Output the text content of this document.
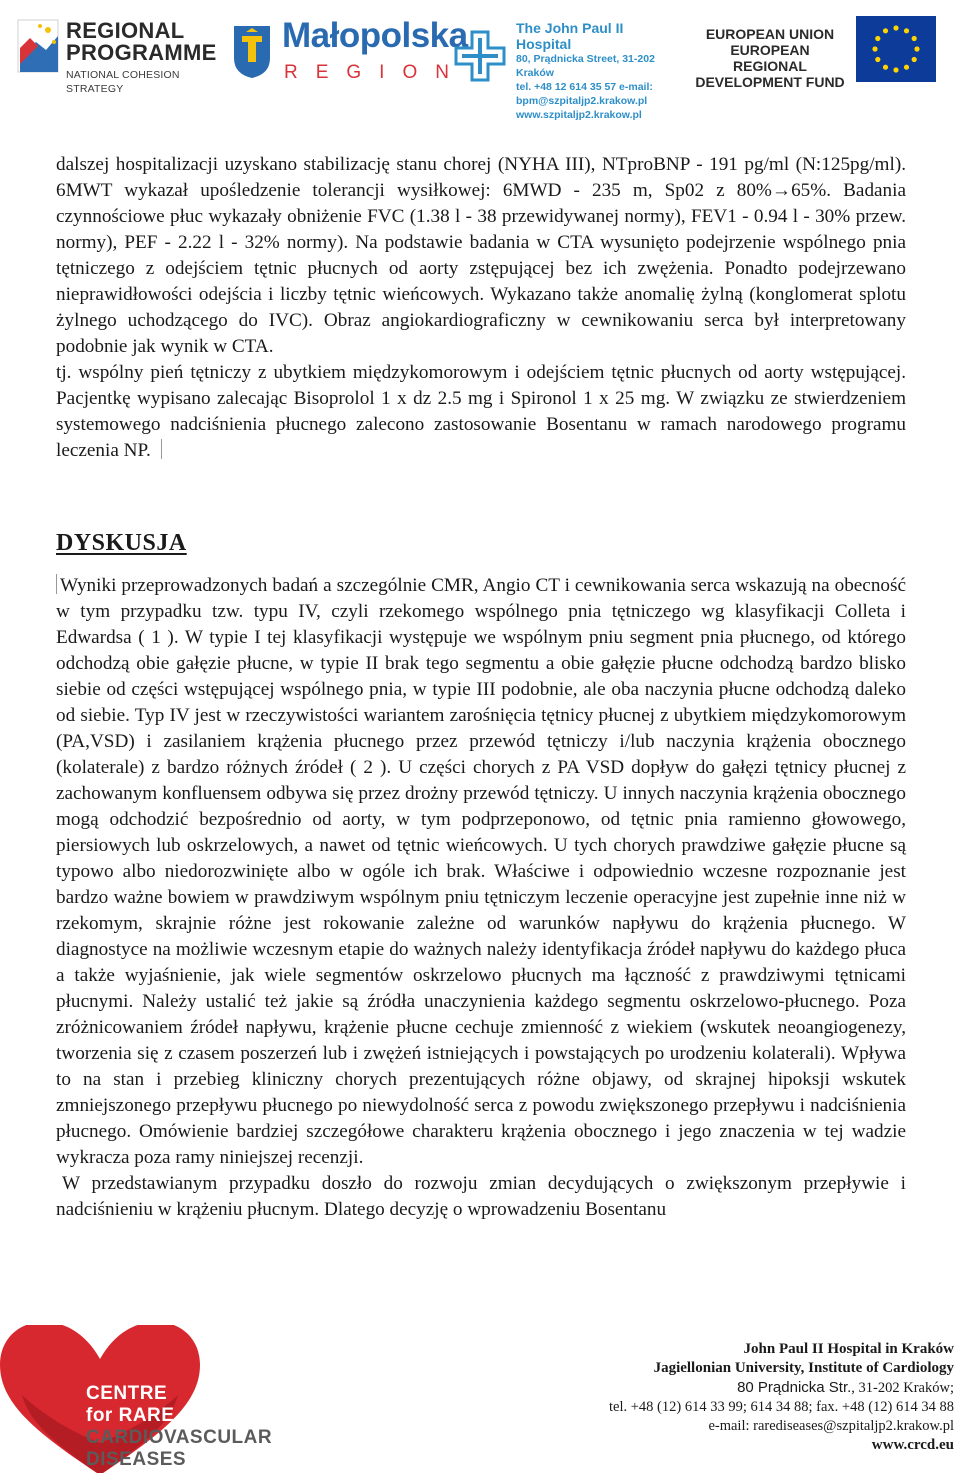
REGIONAL
PROGRAMME
NATIONAL COHESION STRATEGY
Małopolska
REGION
The John Paul II Hospital
80, Prądnicka Street, 31-202 Kraków
tel. +48 12 614 35 57 e-mail:
bpm@szpitaljp2.krakow.pl
www.szpitaljp2.krakow.pl
EUROPEAN UNION
EUROPEAN REGIONAL
DEVELOPMENT FUND

dalszej hospitalizacji uzyskano stabilizację stanu chorej (NYHA III), NTproBNP - 191 pg/ml (N:125pg/ml). 6MWT wykazał upośledzenie tolerancji wysiłkowej: 6MWD - 235 m, Sp02 z 80%→65%. Badania czynnościowe płuc wykazały obniżenie FVC (1.38 l - 38 przewidywanej normy), FEV1 - 0.94 l - 30% przew. normy), PEF - 2.22 l - 32% normy). Na podstawie badania w CTA wysunięto podejrzenie wspólnego pnia tętniczego z odejściem tętnic płucnych od aorty zstępującej bez ich zwężenia. Ponadto podejrzewano nieprawidłowości odejścia i liczby tętnic wieńcowych. Wykazano także anomalię żylną (konglomerat splotu żylnego uchodzącego do IVC). Obraz angiokardiograficzny w cewnikowaniu serca był interpretowany podobnie jak wynik w CTA.

tj. wspólny pień tętniczy z ubytkiem międzykomorowym i odejściem tętnic płucnych od aorty wstępującej. Pacjentkę wypisano zalecając Bisoprolol 1 x dz 2.5 mg i Spironol 1 x 25 mg. W związku ze stwierdzeniem systemowego nadciśnienia płucnego zalecono zastosowanie Bosentanu w ramach narodowego programu leczenia NP.

DYSKUSJA

Wyniki przeprowadzonych badań a szczególnie CMR, Angio CT i cewnikowania serca wskazują na obecność w tym przypadku tzw. typu IV, czyli rzekomego wspólnego pnia tętniczego wg klasyfikacji Colleta i Edwardsa ( 1 ). W typie I tej klasyfikacji występuje we wspólnym pniu segment pnia płucnego, od którego odchodzą obie gałęzie płucne, w typie II brak tego segmentu a obie gałęzie płucne odchodzą bardzo blisko siebie od części wstępującej wspólnego pnia, w typie III podobnie, ale oba naczynia płucne odchodzą daleko od siebie. Typ IV jest w rzeczywistości wariantem zarośnięcia tętnicy płucnej z ubytkiem międzykomorowym (PA,VSD) i zasilaniem krążenia płucnego przez przewód tętniczy i/lub naczynia krążenia obocznego (kolaterale) z bardzo różnych źródeł ( 2 ). U części chorych z PA VSD dopływ do gałęzi tętnicy płucnej z zachowanym konfluensem odbywa się przez drożny przewód tętniczy. U innych naczynia krążenia obocznego mogą odchodzić bezpośrednio od aorty, w tym podprzeponowo, od tętnic pnia ramienno głowowego, piersiowych lub oskrzelowych, a nawet od tętnic wieńcowych. U tych chorych prawdziwe gałęzie płucne są typowo albo niedorozwinięte albo w ogóle ich brak. Właściwe i odpowiednio wczesne rozpoznanie jest bardzo ważne bowiem w prawdziwym wspólnym pniu tętniczym leczenie operacyjne jest zupełnie inne niż w rzekomym, skrajnie różne jest rokowanie zależne od warunków napływu do krążenia płucnego. W diagnostyce na możliwie wczesnym etapie do ważnych należy identyfikacja źródeł napływu do każdego płuca a także wyjaśnienie, jak wiele segmentów oskrzelowo płucnych ma łączność z prawdziwymi tętnicami płucnymi. Należy ustalić też jakie są źródła unaczynienia każdego segmentu oskrzelowo-płucnego. Poza zróżnicowaniem źródeł napływu, krążenie płucne cechuje zmienność z wiekiem (wskutek neoangiogenezy, tworzenia się z czasem poszerzeń lub i zwężeń istniejących i powstających po urodzeniu kolaterali). Wpływa to na stan i przebieg kliniczny chorych prezentujących różne objawy, od skrajnej hipoksji wskutek zmniejszonego przepływu płucnego po niewydolność serca z powodu zwiększonego przepływu i nadciśnienia płucnego. Omówienie bardziej szczegółowe charakteru krążenia obocznego i jego znaczenia w tej wadzie wykracza poza ramy niniejszej recenzji.

W przedstawianym przypadku doszło do rozwoju zmian decydujących o zwiększonym przepływie i nadciśnieniu w krążeniu płucnym. Dlatego decyzję o wprowadzeniu Bosentanu

CENTRE
for RARE
CARDIOVASCULAR DISEASES
John Paul II Hospital in Kraków
Jagiellonian University, Institute of Cardiology
80 Prądnicka Str., 31-202 Kraków;
tel. +48 (12) 614 33 99; 614 34 88; fax. +48 (12) 614 34 88
e-mail: rarediseases@szpitaljp2.krakow.pl
www.crcd.eu
